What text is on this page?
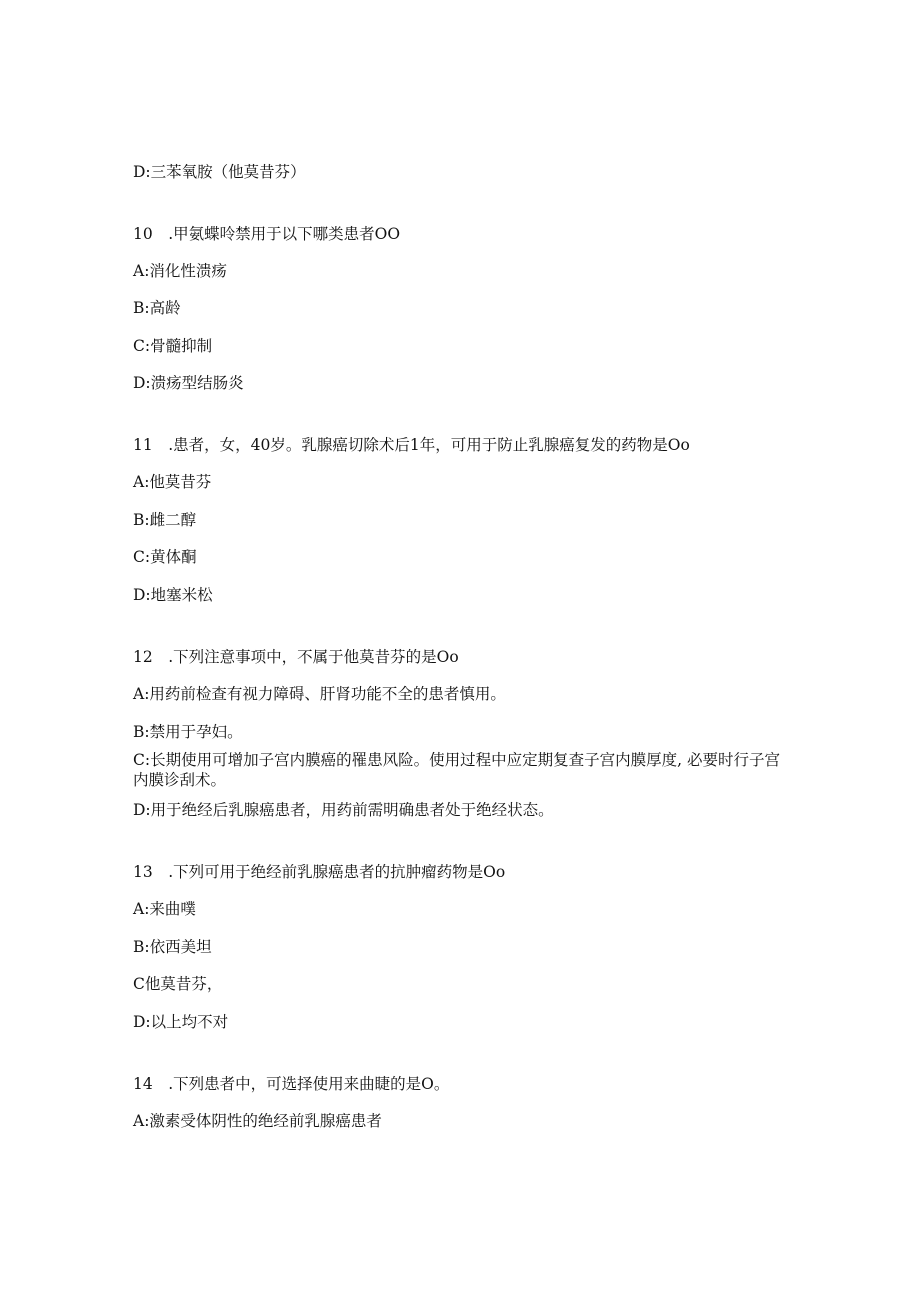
D:三苯氧胺（他莫昔芬）
10　.甲氨蝶呤禁用于以下哪类患者OO
A:消化性溃疡
B:高龄
C:骨髓抑制
D:溃疡型结肠炎
11　.患者，女，40岁。乳腺癌切除术后1年，可用于防止乳腺癌复发的药物是Oo
A:他莫昔芬
B:雌二醇
C:黄体酮
D:地塞米松
12　.下列注意事项中，不属于他莫昔芬的是Oo
A:用药前检查有视力障碍、肝肾功能不全的患者慎用。
B:禁用于孕妇。
C:长期使用可增加子宫内膜癌的罹患风险。使用过程中应定期复查子宫内膜厚度, 必要时行子宫内膜诊刮术。
D:用于绝经后乳腺癌患者，用药前需明确患者处于绝经状态。
13　.下列可用于绝经前乳腺癌患者的抗肿瘤药物是Oo
A:来曲噗
B:依西美坦
C他莫昔芬，
D:以上均不对
14　.下列患者中，可选择使用来曲睫的是O。
A:激素受体阴性的绝经前乳腺癌患者
